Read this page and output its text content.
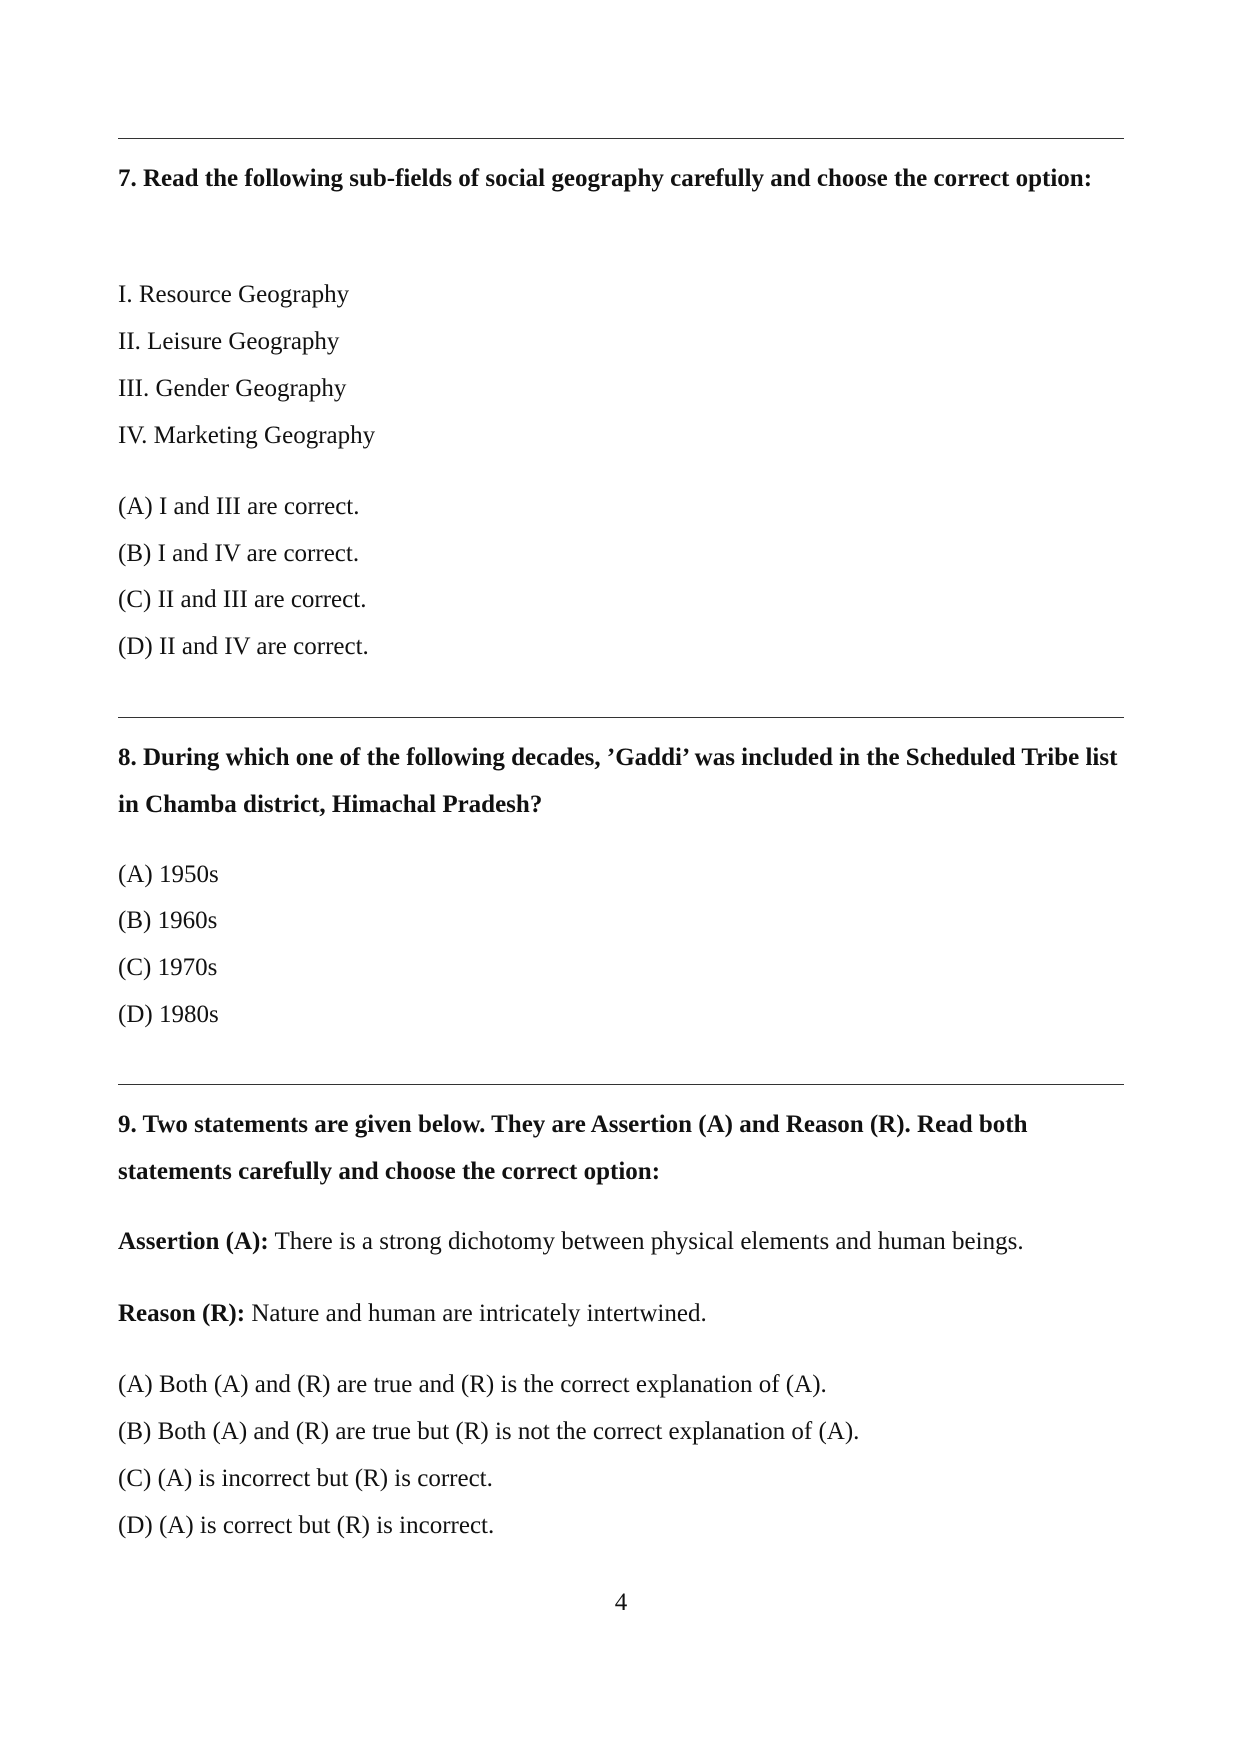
7. Read the following sub-fields of social geography carefully and choose the correct option:

I. Resource Geography
II. Leisure Geography
III. Gender Geography
IV. Marketing Geography
(A) I and III are correct.
(B) I and IV are correct.
(C) II and III are correct.
(D) II and IV are correct.

8. During which one of the following decades, ’Gaddi’ was included in the Scheduled Tribe list in Chamba district, Himachal Pradesh?

(A) 1950s
(B) 1960s
(C) 1970s
(D) 1980s

9. Two statements are given below. They are Assertion (A) and Reason (R). Read both statements carefully and choose the correct option:

Assertion (A): There is a strong dichotomy between physical elements and human beings.
Reason (R): Nature and human are intricately intertwined.
(A) Both (A) and (R) are true and (R) is the correct explanation of (A).
(B) Both (A) and (R) are true but (R) is not the correct explanation of (A).
(C) (A) is incorrect but (R) is correct.
(D) (A) is correct but (R) is incorrect.
4
